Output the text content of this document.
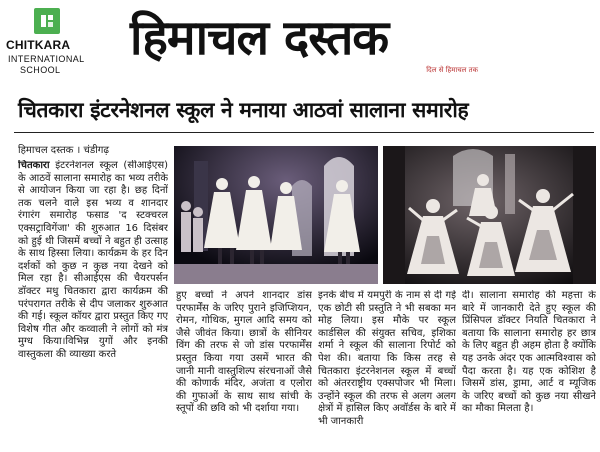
CHITKARA
INTERNATIONAL
SCHOOL
हिमाचल दस्तक
दिल से हिमाचल तक
चितकारा इंटरनेशनल स्कूल ने मनाया आठवां सालाना समारोह
हिमाचल दस्तक । चंडीगढ़
चितकारा इंटरनेशनल स्कूल (सीआईएस) के आठवें सालाना समारोह का भव्य तरीके से आयोजन किया जा रहा है। छह दिनों तक चलने वाले इस भव्य व शानदार रंगारंग समारोह फसाड 'द स्टक्चरल एक्सट्राविगेंजा' की शुरुआत 16 दिसंबर को हुई थी जिसमें बच्चों ने बहुत ही उत्साह के साथ हिस्सा लिया। कार्यक्रम के हर दिन दर्शकों को कुछ न कुछ नया देखने को मिल रहा है। सीआईएस की चैयरपर्सन डॉक्टर मधु चितकारा द्वारा कार्यक्रम की परंपरागत तरीके से दीप जलाकर शुरुआत की गई। स्कूल कॉयर द्वारा प्रस्तुत किए गए विशेष गीत और कव्वाली ने लोगों को मंत्र मुग्ध किया।विभिन्न युगों और इनकी वास्तुकला की व्याख्या करते
हुए बच्चों ने अपने शानदार डांस परफार्मेंस के जरिए पुराने इजिप्शियन, रोमन, गोथिक, मुगल आदि समय को जैसे जीवंत किया। छात्रों के सीनियर विंग की तरफ से जो डांस परफार्मेंस प्रस्तुत किया गया उसमें भारत की जानी मानी वास्तुशिल्प संरचनाओं जैसे की कोणार्क मंदिर, अजंता व एलोरा की गुफाओं के साथ साथ सांची के स्तूपों की छवि को भी दर्शाया गया।
इनके बीच में यमपुरी के नाम से दी गई एक छोटी सी प्रस्तुति ने भी सबका मन मोह लिया। इस मौके पर स्कूल कार्डसिल की संयुक्त सचिव, इशिका शर्मा ने स्कूल की सालाना रिपोर्ट को पेश की। बताया कि किस तरह से चितकारा इंटरनेशनल स्कूल में बच्चों को अंतरराष्ट्रीय एक्सपोजर भी मिला। उन्होंने स्कूल की तरफ से अलग अलग क्षेत्रों में हासिल किए अवॉर्डस के बारे में भी जानकारी
दी। सालाना समारोह की महत्ता के बारे में जानकारी देते हुए स्कूल की प्रिंसिपल डॉक्टर नियति चितकारा ने बताया कि सालाना समारोह हर छात्र के लिए बहुत ही अहम होता है क्योंकि यह उनके अंदर एक आत्मविश्वास को पैदा करता है। यह एक कोशिश है जिसमें डांस, ड्रामा, आर्ट व म्यूजिक के जरिए बच्चों को कुछ नया सीखने का मौका मिलता है।
